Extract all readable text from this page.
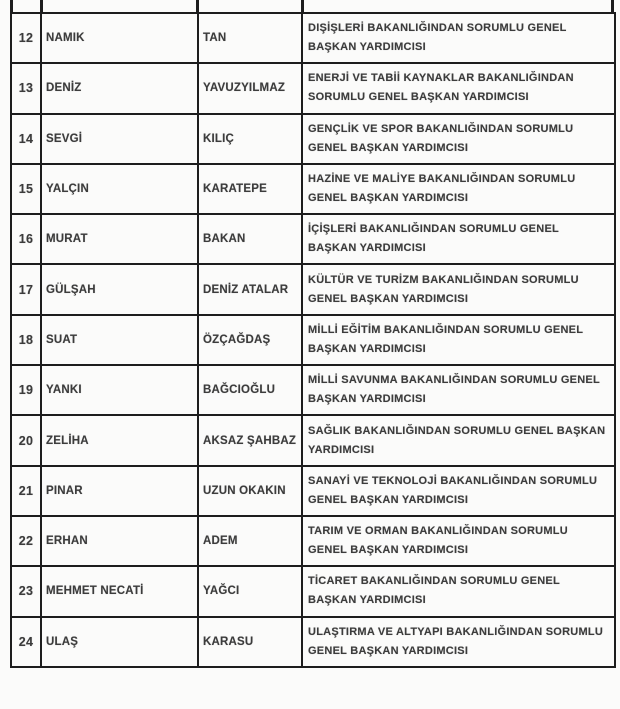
12	NAMIK	TAN	DIŞİŞLERİ BAKANLIĞINDAN SORUMLU GENEL BAŞKAN YARDIMCISI
13	DENİZ	YAVUZYILMAZ	ENERJİ VE TABİİ KAYNAKLAR BAKANLIĞINDAN SORUMLU GENEL BAŞKAN YARDIMCISI
14	SEVGİ	KILIÇ	GENÇLİK VE SPOR BAKANLIĞINDAN SORUMLU GENEL BAŞKAN YARDIMCISI
15	YALÇIN	KARATEPE	HAZİNE VE MALİYE BAKANLIĞINDAN SORUMLU GENEL BAŞKAN YARDIMCISI
16	MURAT	BAKAN	İÇİŞLERİ BAKANLIĞINDAN SORUMLU GENEL BAŞKAN YARDIMCISI
17	GÜLŞAH	DENİZ ATALAR	KÜLTÜR VE TURİZM BAKANLIĞINDAN SORUMLU GENEL BAŞKAN YARDIMCISI
18	SUAT	ÖZÇAĞDAŞ	MİLLİ EĞİTİM BAKANLIĞINDAN SORUMLU GENEL BAŞKAN YARDIMCISI
19	YANKI	BAĞCIOĞLU	MİLLİ SAVUNMA BAKANLIĞINDAN SORUMLU GENEL BAŞKAN YARDIMCISI
20	ZELİHA	AKSAZ ŞAHBAZ	SAĞLIK BAKANLIĞINDAN SORUMLU GENEL BAŞKAN YARDIMCISI
21	PINAR	UZUN OKAKIN	SANAYİ VE TEKNOLOJİ BAKANLIĞINDAN SORUMLU GENEL BAŞKAN YARDIMCISI
22	ERHAN	ADEM	TARIM VE ORMAN BAKANLIĞINDAN SORUMLU GENEL BAŞKAN YARDIMCISI
23	MEHMET NECATİ	YAĞCI	TİCARET BAKANLIĞINDAN SORUMLU GENEL BAŞKAN YARDIMCISI
24	ULAŞ	KARASU	ULAŞTIRMA VE ALTYAPI BAKANLIĞINDAN SORUMLU GENEL BAŞKAN YARDIMCISI
